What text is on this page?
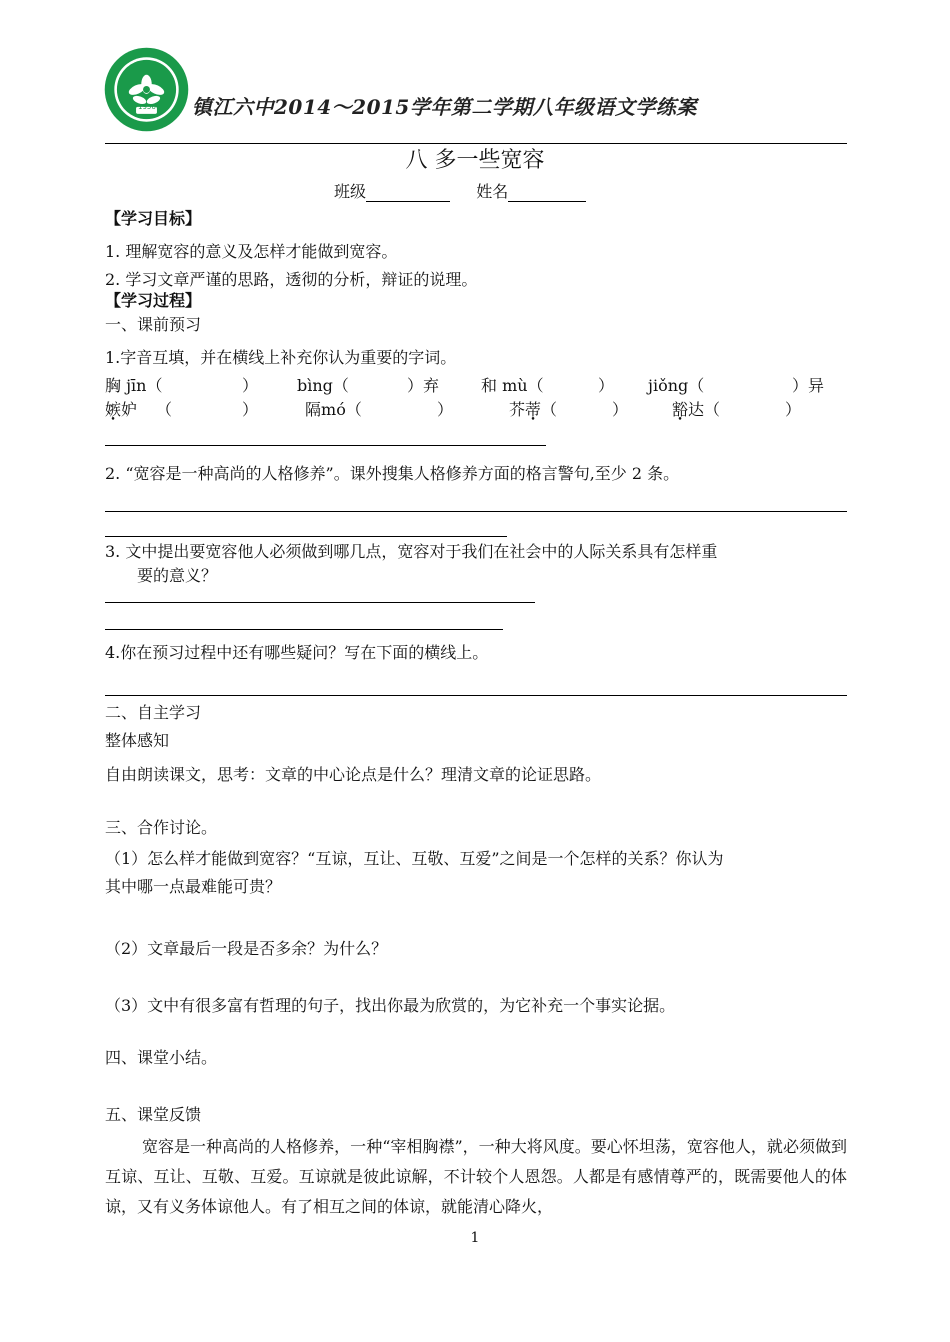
1956 镇江六中2014～2015学年第二学期八年级语文学练案
八 多一些宽容
班级	姓名
【学习目标】
1. 理解宽容的意义及怎样才能做到宽容。
2. 学习文章严谨的思路，透彻的分析，辩证的说理。
【学习过程】
一、课前预习
1.字音互填，并在横线上补充你认为重要的字词。
胸 jīn（	） bìng（	）弃	和 mù（	） jiǒng（	）异
嫉妒 （	）	隔mó（	）	芥蒂（	）	豁达（	）
2. “宽容是一种高尚的人格修养”。课外搜集人格修养方面的格言警句,至少 2 条。
3. 文中提出要宽容他人必须做到哪几点，宽容对于我们在社会中的人际关系具有怎样重
要的意义？
4.你在预习过程中还有哪些疑问？写在下面的横线上。
二、自主学习
整体感知
自由朗读课文，思考：文章的中心论点是什么？理清文章的论证思路。
三、合作讨论。
（1）怎么样才能做到宽容？“互谅，互让、互敬、互爱”之间是一个怎样的关系？你认为
其中哪一点最难能可贵？
（2）文章最后一段是否多余？为什么？
（3）文中有很多富有哲理的句子，找出你最为欣赏的，为它补充一个事实论据。
四、课堂小结。
五、课堂反馈
宽容是一种高尚的人格修养，一种“宰相胸襟”，一种大将风度。要心怀坦荡，宽容他人，就必须做到互谅、互让、互敬、互爱。互谅就是彼此谅解，不计较个人恩怨。人都是有感情尊严的，既需要他人的体谅，又有义务体谅他人。有了相互之间的体谅，就能清心降火，
1
